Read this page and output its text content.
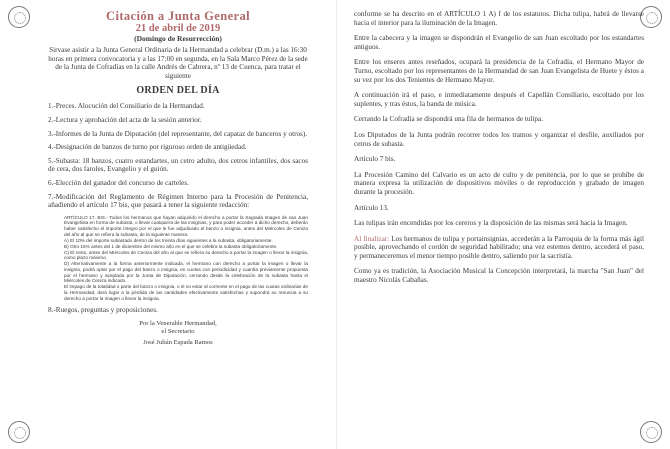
Citación a Junta General
21 de abril de 2019
(Domingo de Resurrección)

Sirvase asistir a la Junta General Ordinaria de la Hermandad a celebrar (D.m.) a las 16:30 horas en primera convocatoria y a las 17:00 en segunda, en la Sala Marco Pérez de la sede de la Junta de Cofradías en la calle Andrés de Cabrera, nº 13 de Cuenca, para tratar el siguiente

ORDEN DEL DÍA

1.-Preces. Alocución del Consiliario de la Hermandad.

2.-Lectura y aprobación del acta de la sesión anterior.

3.-Informes de la Junta de Diputación (del representante, del capataz de banceros y otros).

4.-Designación de banzos de turno por riguroso orden de antigüedad.

5.-Subasta: 18 banzos, cuatro estandartes, un cetro adulto, dos cetros infantiles, dos sacos de cera, dos faroles, Evangelio y el guión.

6.-Elección del ganador del concurso de carteles.

7.-Modificación del Reglamento de Régimen Interno para la Procesión de Penitencia, añadiendo el artículo 17 bis, que pasará a tener la siguiente redacción:

ARTÍCULO 17. BIS.- Todos los hermanos que hayan adquirido el derecho a portar la Sagrada Imagen de san Juan Evangelista en forma de subasta, o llevar cualquiera de las insignias, y para poder acceder a dicho derecho, deberán haber satisfecho el importe íntegro por el que le fue adjudicado el banzo o insignia, antes del Miércoles de Ceniza del año al que se refiera la subasta, de la siguiente manera:
A) El 10% del importe subastado dentro de los treinta días siguientes a la subasta, obligatoriamente.
B) Otro 15% antes del 1 de diciembre del mismo año en el que se celebra la subasta obligatoriamente.
C) El resto, antes del Miércoles de Ceniza del año al que se refiera su derecho a portar la imagen o llevar la insignia, como plazo máximo.
D) Alternativamente a la forma anteriormente indicada, el hermano con derecho a portar la imagen o llevar la insignia, podrá optar por el pago del banzo o insignia, en cuotas con periodicidad y cuantía previamente propuesta por el hermano y aceptada por la Junta de Diputación, cerrando desde la celebración de la subasta hasta el Miércoles de Ceniza indicado.
El impago de la totalidad o parte del banzo o insignia, o el no estar al corriente en el pago de las cuotas ordinarias de la Hermandad, dará lugar a la pérdida de las cantidades efectivamente satisfechas y supondrá su renuncia a su derecho a portar la imagen o llevar la insignia.

8.-Ruegos, preguntas y proposiciones.

Por la Venerable Hermandad,
el Secretario
José Julián Espada Ramos

conforme se ha descrito en el ARTÍCULO 1 A) f de los estatutos. Dicha tulipa, habrá de llevarse hacia el interior para la iluminación de la Imagen.

Entre la cabecera y la imagen se dispondrán el Evangelio de san Juan escoltado por los estandartes antiguos.

Entre los enseres antes reseñados, ocupará la presidencia de la Cofradía, el Hermano Mayor de Turno, escoltado por los representantes de la Hermandad de san Juan Evangelista de Huete y éstos a su vez por los dos Tenientes de Hermano Mayor.

A continuación irá el paso, e inmediatamente después el Capellán Consiliario, escoltado por los suplentes, y tras éstos, la banda de música.

Cerrando la Cofradía se dispondrá una fila de hermanos de tulipa.

Los Diputados de la Junta podrán recorrer todos los tramos y organizar el desfile, auxiliados por cetros de subasta.

Artículo 7 bis.

La Procesión Camino del Calvario es un acto de culto y de penitencia, por lo que se prohíbe de manera expresa la utilización de dispositivos móviles o de reproducción y grabado de imagen durante la procesión.

Artículo 13.

Las tulipas irán encendidas por los cereros y la disposición de las mismas será hacia la Imagen.

Al finalizar: Los hermanos de tulipa y portainsignias, accederán a la Parroquia de la forma más ágil posible, aprovechando el cordón de seguridad habilitado; una vez estemos dentro, accederá el paso, y permaneceremos el menor tiempo posible dentro, saliendo por la sacristía.

Como ya es tradición, la Asociación Musical la Concepción interpretará, la marcha "San Juan" del maestro Nicolás Cabañas.
